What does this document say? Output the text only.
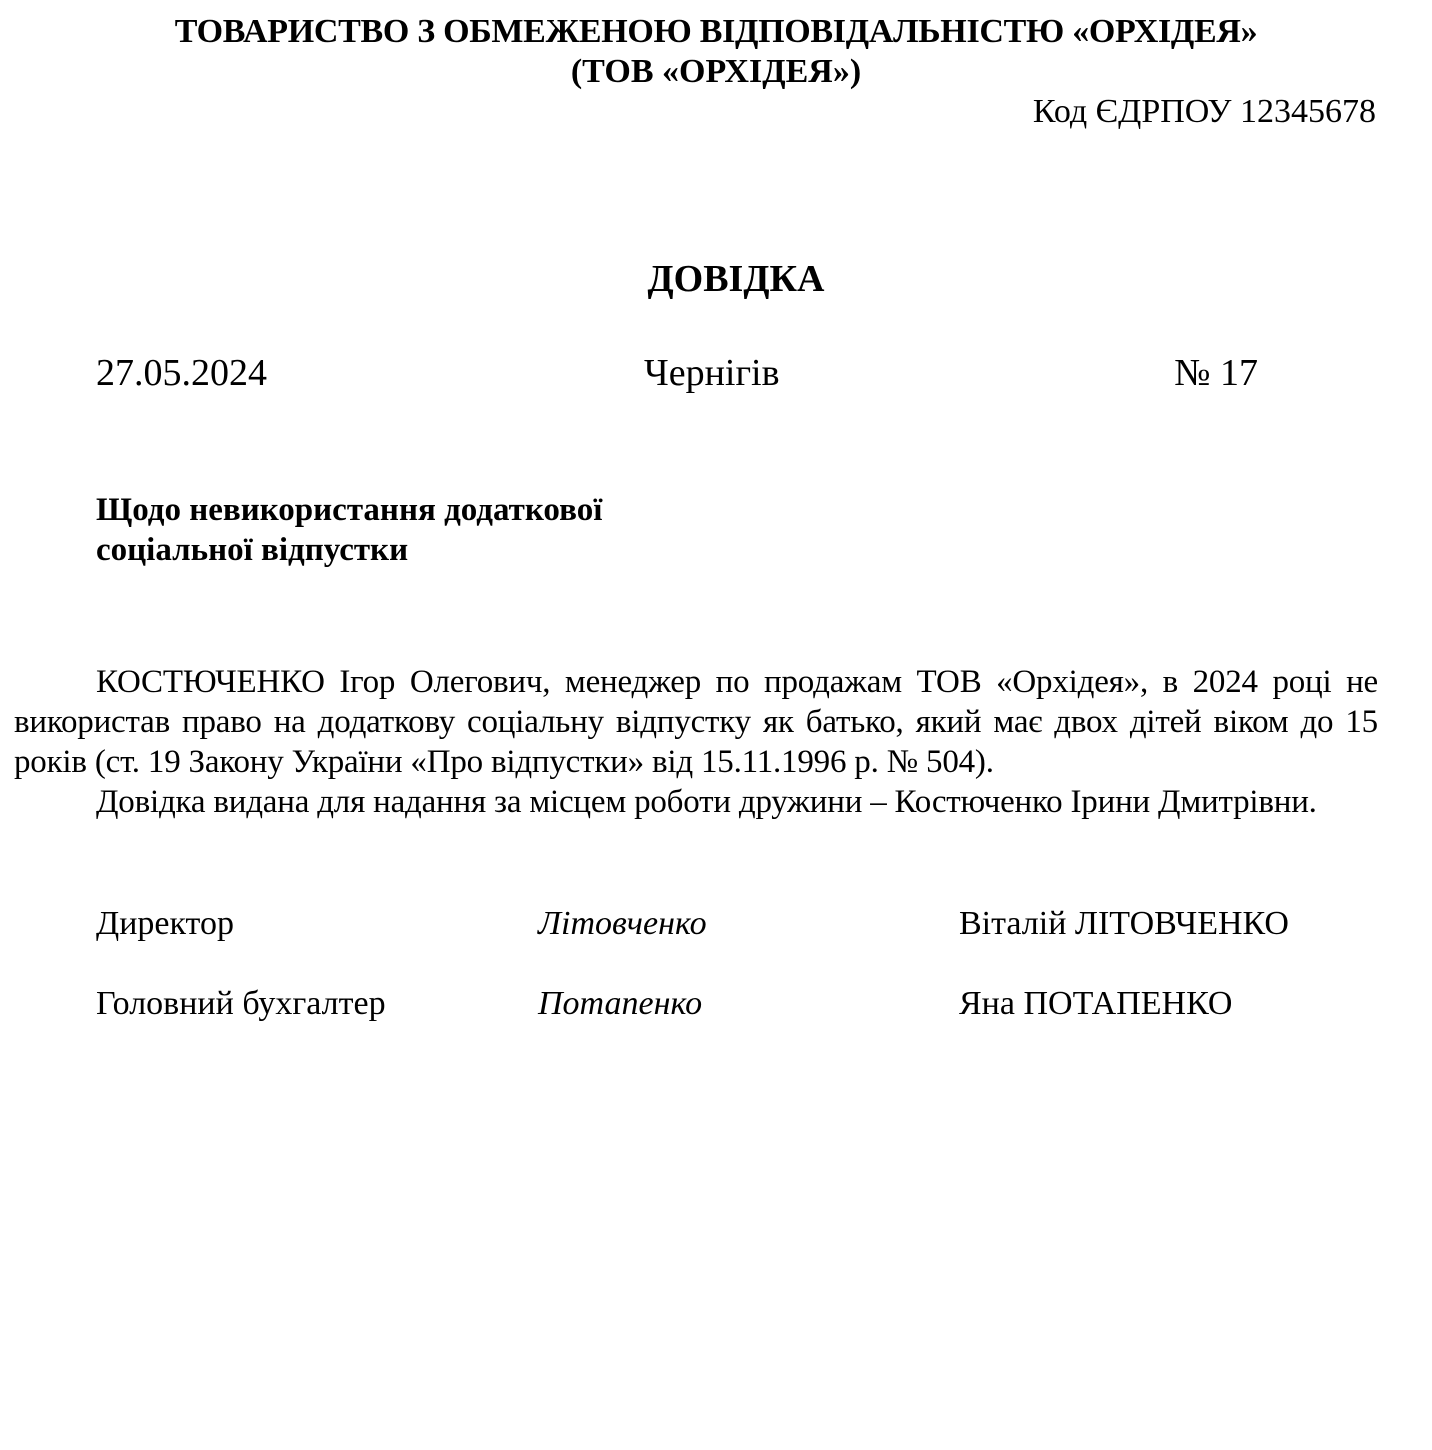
ТОВАРИСТВО З ОБМЕЖЕНОЮ ВІДПОВІДАЛЬНІСТЮ «ОРХІДЕЯ»
(ТОВ «ОРХІДЕЯ»)
Код ЄДРПОУ 12345678
ДОВІДКА
27.05.2024	Чернігів	№ 17
Щодо невикористання додаткової
соціальної відпустки

КОСТЮЧЕНКО Ігор Олегович, менеджер по продажам ТОВ «Орхідея», в 2024 році не використав право на додаткову соціальну відпустку як батько, який має двох дітей віком до 15 років (ст. 19 Закону України «Про відпустки» від 15.11.1996 р. № 504).

Довідка видана для надання за місцем роботи дружини – Костюченко Ірини Дмитрівни.

Директор	Літовченко	Віталій ЛІТОВЧЕНКО
Головний бухгалтер	Потапенко	Яна ПОТАПЕНКО
